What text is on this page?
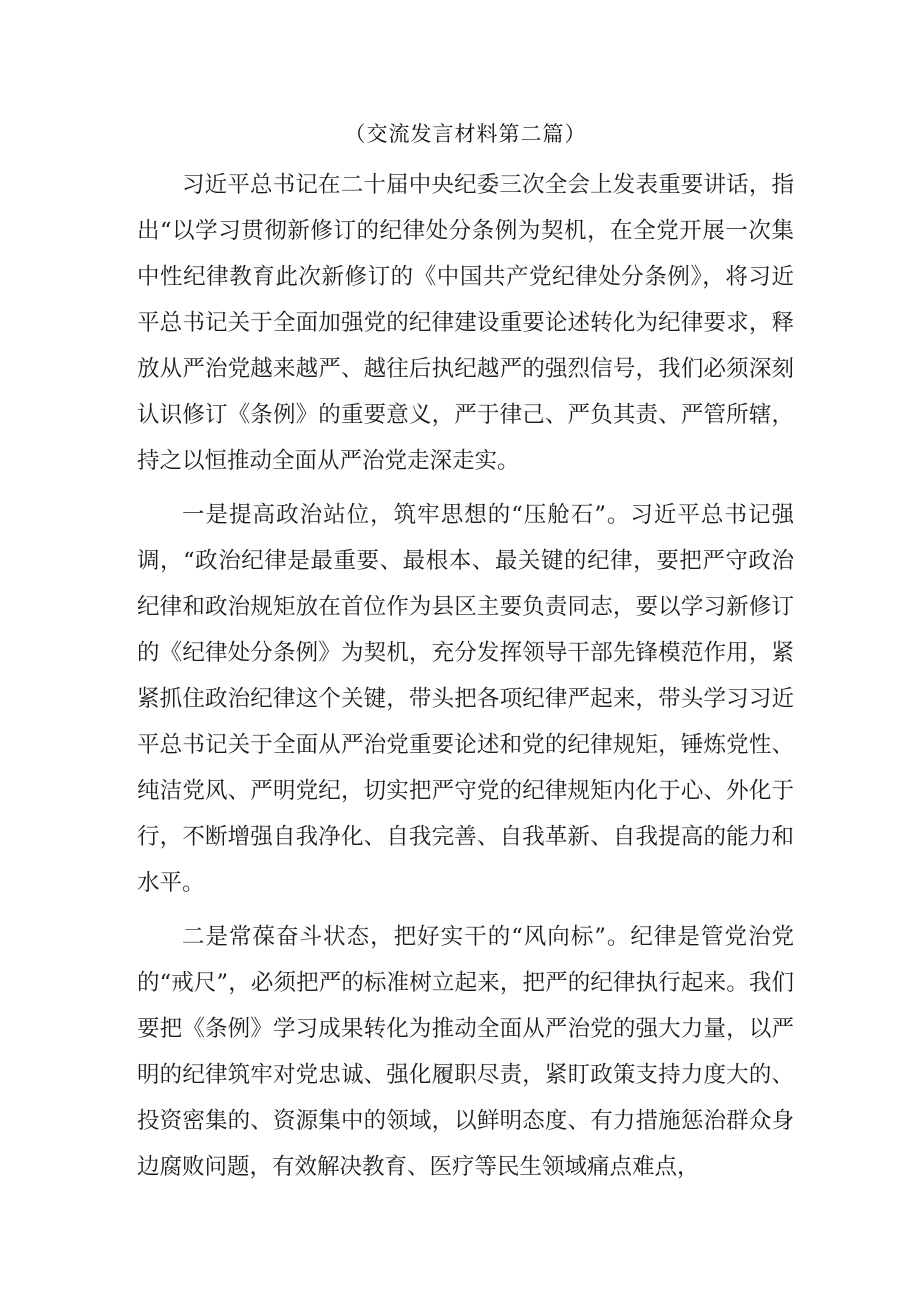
（交流发言材料第二篇）

习近平总书记在二十届中央纪委三次全会上发表重要讲话，指出“以学习贯彻新修订的纪律处分条例为契机，在全党开展一次集中性纪律教育此次新修订的《中国共产党纪律处分条例》，将习近平总书记关于全面加强党的纪律建设重要论述转化为纪律要求，释放从严治党越来越严、越往后执纪越严的强烈信号，我们必须深刻认识修订《条例》的重要意义，严于律己、严负其责、严管所辖，持之以恒推动全面从严治党走深走实。

一是提高政治站位，筑牢思想的“压舱石”。习近平总书记强调，“政治纪律是最重要、最根本、最关键的纪律，要把严守政治纪律和政治规矩放在首位作为县区主要负责同志，要以学习新修订的《纪律处分条例》为契机，充分发挥领导干部先锋模范作用，紧紧抓住政治纪律这个关键，带头把各项纪律严起来，带头学习习近平总书记关于全面从严治党重要论述和党的纪律规矩，锤炼党性、纯洁党风、严明党纪，切实把严守党的纪律规矩内化于心、外化于行，不断增强自我净化、自我完善、自我革新、自我提高的能力和水平。

二是常葆奋斗状态，把好实干的“风向标”。纪律是管党治党的“戒尺”，必须把严的标准树立起来，把严的纪律执行起来。我们要把《条例》学习成果转化为推动全面从严治党的强大力量，以严明的纪律筑牢对党忠诚、强化履职尽责，紧盯政策支持力度大的、投资密集的、资源集中的领域，以鲜明态度、有力措施惩治群众身边腐败问题，有效解决教育、医疗等民生领域痛点难点，
